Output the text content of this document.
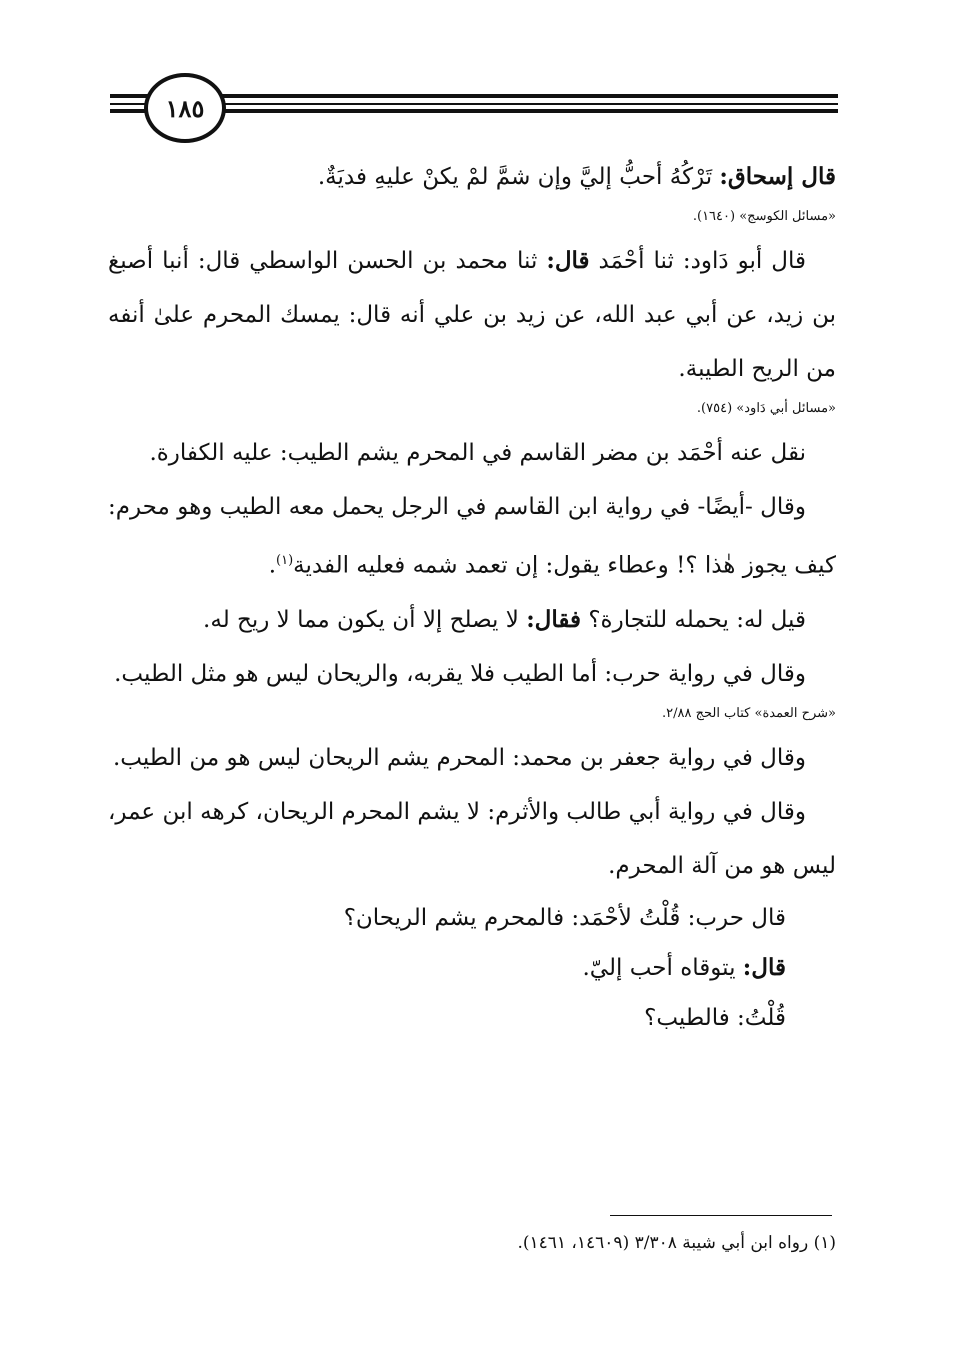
١٨٥

قال إسحاق: تَرْكُهُ أحبُّ إليَّ وإن شمَّ لمْ يكنْ عليهِ فديَةٌ.

«مسائل الكوسج» (١٦٤٠).

قال أبو دَاود: ثنا أحْمَد قال: ثنا محمد بن الحسن الواسطي قال: أنبا أصبغ بن زيد، عن أبي عبد الله، عن زيد بن علي أنه قال: يمسك المحرم علىٰ أنفه من الريح الطيبة.

«مسائل أبي دَاود» (٧٥٤).

نقل عنه أحْمَد بن مضر القاسم في المحرم يشم الطيب: عليه الكفارة.

وقال -أيضًا- في رواية ابن القاسم في الرجل يحمل معه الطيب وهو محرم: كيف يجوز هٰذا ؟! وعطاء يقول: إن تعمد شمه فعليه الفدية$^{(١)}$.

قيل له: يحمله للتجارة؟ فقال: لا يصلح إلا أن يكون مما لا ريح له.

وقال في رواية حرب: أما الطيب فلا يقربه، والريحان ليس هو مثل الطيب.

«شرح العمدة» كتاب الحج ٢/٨٨.

وقال في رواية جعفر بن محمد: المحرم يشم الريحان ليس هو من الطيب.

وقال في رواية أبي طالب والأثرم: لا يشم المحرم الريحان، كرهه ابن عمر، ليس هو من آلة المحرم.

قال حرب: قُلْتُ لأحْمَد: فالمحرم يشم الريحان؟

قال: يتوقاه أحب إليّ.

قُلْتُ: فالطيب؟

(١) رواه ابن أبي شيبة ٣/٣٠٨ (١٤٦٠٩، ١٤٦١).
